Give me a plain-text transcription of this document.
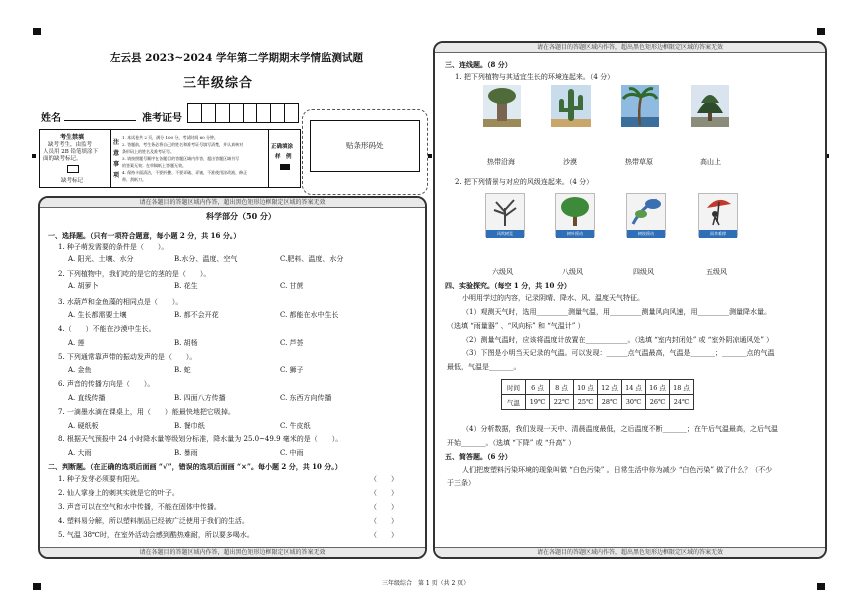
左云县 2023~2024 学年第二学期期末学情监测试题
三年级综合
姓名	准考证号
考生禁填
缺考考生，由监考
人员用 2B 铅笔填涂下
面的缺考标记。
缺考标记
注
意
事
项
1. 本试卷共 2 页，满分 100 分，考试时间 60 分钟。
2. 答题前，考生务必将自己的姓名和准考证号填写清楚，并认真核对
条形码上的姓名及准考证号。
3. 请按照题号顺序在各题目的答题区域内作答，超出答题区域书写
的答案无效；在草稿纸上答题无效。
4. 保持卡面清洁，不要折叠、不要弄破、弄皱，不准使用涂改液、修正
带、刮纸刀。
正确填涂
样　例
贴条形码处
请在各题目的答题区域内作答，超出黑色矩形边框限定区域的答案无效
请在各题目的答题区域内作答，超出黑色矩形边框限定区域的答案无效
科学部分（50 分）
一、选择题。（只有一项符合题意，每小题 2 分，共 16 分。）
1. 种子萌发需要的条件是（　　）。
A. 阳光、土壤、水分	B.水分、温度、空气	C.肥料、温度、水分
2. 下列植物中，我们吃的是它的茎的是（　　）。
A. 胡萝卜	B. 花生	C. 甘蔗
3. 水葫芦和金鱼藻的相同点是（　　）。
A. 生长都需要土壤	B. 都不会开花	C. 都能在水中生长
4.（　　）不能在沙漠中生长。
A. 莲	B. 胡杨	C. 芦荟
5. 下列通常靠声带的振动发声的是（　　）。
A. 金鱼	B. 蛇	C. 狮子
6. 声音的传播方向是（　　）。
A. 直线传播	B. 四面八方传播	C. 东西方向传播
7. 一滴墨水滴在课桌上，用（　　）能最快地把它吸掉。
A. 硬纸板	B. 餐巾纸	C. 牛皮纸
8. 根据天气预报中 24 小时降水量等级划分标准，降水量为 25.0~49.9 毫米的是（　　）。
A. 大雨	B. 暴雨	C. 中雨
二、判断题。（在正确的选项后面画 “√”，错误的选项后面画 “×”。每小题 2 分，共 10 分。）
1. 种子发芽必须要有阳光。	（　　）
2. 仙人掌身上的刺其实就是它的叶子。	（　　）
3. 声音可以在空气和水中传播，不能在固体中传播。	（　　）
4. 塑料易分解，所以塑料制品已经被广泛使用于我们的生活。	（　　）
5. 气温 38℃时，在室外活动会感到酷热难耐，所以要多喝水。	（　　）
请在各题目的答题区域内作答，超出黑色矩形边框限定区域的答案无效
请在各题目的答题区域内作答，超出黑色矩形边框限定区域的答案无效
三、连线题。（8 分）
1. 把下列植物与其适宜生长的环境连起来。（4 分）
热带沿海	沙漠	热带草原	高山上
2. 把下列情景与对应的风级连起来。（4 分）
风吹树晃	树叶摇动	树枝摇动	雨伞难撑
六级风	八级风	四级风	五级风
四、实验探究。（每空 1 分，共 10 分）
小明用学过的内容，记录阴晴、降水、风、温度天气特征。
（1）观测天气时，选用_________测量气温，用_________测量风向风速，用_________测量降水量。
（选填 “雨量器” 、“风向标” 和 “气温计” ）
（2）测量气温时，应该将温度计放置在____________。（选填 “室内封闭处” 或 “室外阴凉通风处” ）
（3）下图是小明当天记录的气温。可以发现：______点气温最高，气温是_______；_______点的气温
最低，气温是_______。
时间	6 点	8 点	10 点	12 点	14 点	16 点	18 点
气温	19℃	22℃	25℃	28℃	30℃	26℃	24℃
（4）分析数据，我们发现一天中、清晨温度最低，之后温度不断_______；在午后气温最高，之后气温
开始_______。（选填 “下降” 或 “升高” ）
五、简答题。（6 分）
人们把废塑料污染环境的现象叫做 “白色污染” 。日常生活中你为减少 “白色污染” 做了什么？（不少
于三条）
三年级综合　第 1 页（共 2 页）
